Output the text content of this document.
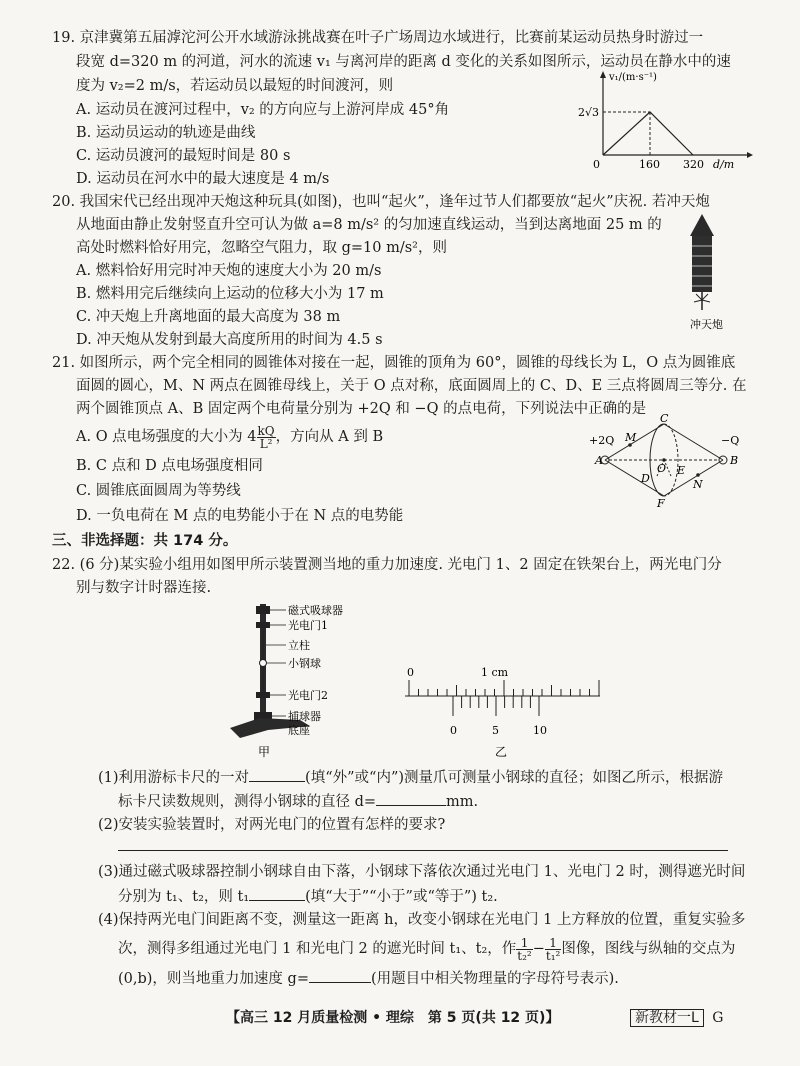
19. 京津冀第五届滹沱河公开水域游泳挑战赛在叶子广场周边水域进行，比赛前某运动员热身时游过一
段宽 d=320 m 的河道，河水的流速 v₁ 与离河岸的距离 d 变化的关系如图所示，运动员在静水中的速
度为 v₂=2 m/s，若运动员以最短的时间渡河，则
A. 运动员在渡河过程中，v₂ 的方向应与上游河岸成 45°角
B. 运动员运动的轨迹是曲线
C. 运动员渡河的最短时间是 80 s
D. 运动员在河水中的最大速度是 4 m/s
v₁/(m·s⁻¹)
2√3
0	160 320 d/m
20. 我国宋代已经出现冲天炮这种玩具(如图)，也叫“起火”，逢年过节人们都要放“起火”庆祝. 若冲天炮
从地面由静止发射竖直升空可认为做 a=8 m/s² 的匀加速直线运动，当到达离地面 25 m 的
高处时燃料恰好用完，忽略空气阻力，取 g=10 m/s²，则
A. 燃料恰好用完时冲天炮的速度大小为 20 m/s
B. 燃料用完后继续向上运动的位移大小为 17 m
C. 冲天炮上升离地面的最大高度为 38 m
D. 冲天炮从发射到最大高度所用的时间为 4.5 s
冲天炮
21. 如图所示，两个完全相同的圆锥体对接在一起，圆锥的顶角为 60°，圆锥的母线长为 L，O 点为圆锥底
面圆的圆心，M、N 两点在圆锥母线上，关于 O 点对称，底面圆周上的 C、D、E 三点将圆周三等分. 在
两个圆锥顶点 A、B 固定两个电荷量分别为 +2Q 和 −Q 的点电荷，下列说法中正确的是
A. O 点电场强度的大小为 $4 \frac{kQ}{\text{L²}}$ ，方向从 A 到 B
B. C 点和 D 点电场强度相同
C. 圆锥底面圆周为等势线
D. 一负电荷在 M 点的电势能小于在 N 点的电势能
+2Q
A
M
C
O
D
E
N
F
−Q
B
三、非选择题：共 174 分。
22. (6 分)某实验小组用如图甲所示装置测当地的重力加速度. 光电门 1、2 固定在铁架台上，两光电门分
别与数字计时器连接.
磁式吸球器
光电门1
立柱
小钢球
光电门2
捕球器
底座
甲
1 cm
0
0	5	10
乙
(1)利用游标卡尺的一对	(填“外”或“内”)测量爪可测量小钢球的直径；如图乙所示，根据游
标卡尺读数规则，测得小钢球的直径 d=	mm.
(2)安装实验装置时，对两光电门的位置有怎样的要求?
(3)通过磁式吸球器控制小钢球自由下落，小钢球下落依次通过光电门 1、光电门 2 时，测得遮光时间
分别为 t₁、t₂，则 t₁	(填“大于”“小于”或“等于”) t₂.
(4)保持两光电门间距离不变，测量这一距离 h，改变小钢球在光电门 1 上方释放的位置，重复实验多
次，测得多组通过光电门 1 和光电门 2 的遮光时间 t₁、t₂，作 $\frac{1}{\text{t₂²}} - \frac{1}{\text{t₁²}}$ 图像，图线与纵轴的交点为
(0,b)，则当地重力加速度 g=	(用题目中相关物理量的字母符号表示).
【高三 12 月质量检测 • 理综　第 5 页(共 12 页)】	新教材一L G
